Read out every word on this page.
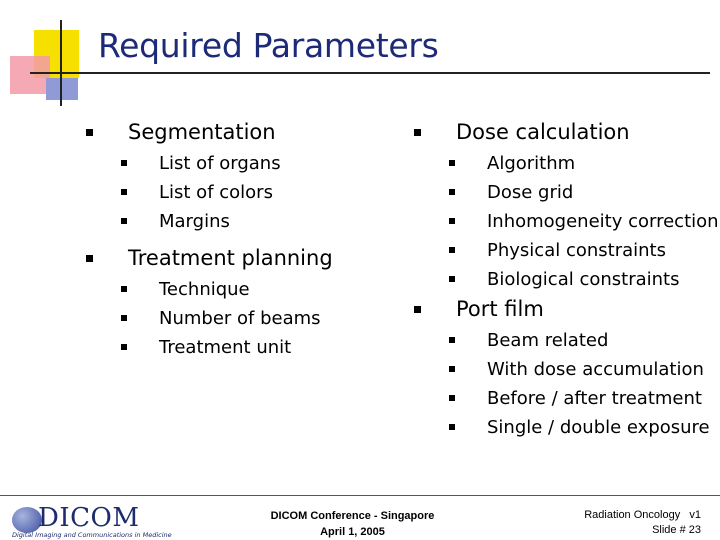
Required Parameters
Segmentation
List of organs
List of colors
Margins
Treatment planning
Technique
Number of beams
Treatment unit
Dose calculation
Algorithm
Dose grid
Inhomogeneity correction
Physical constraints
Biological constraints
Port film
Beam related
With dose accumulation
Before / after treatment
Single / double exposure
DICOM
Digital Imaging and Communications in Medicine
DICOM Conference - Singapore
April 1, 2005
Radiation Oncology   v1
Slide # 23
